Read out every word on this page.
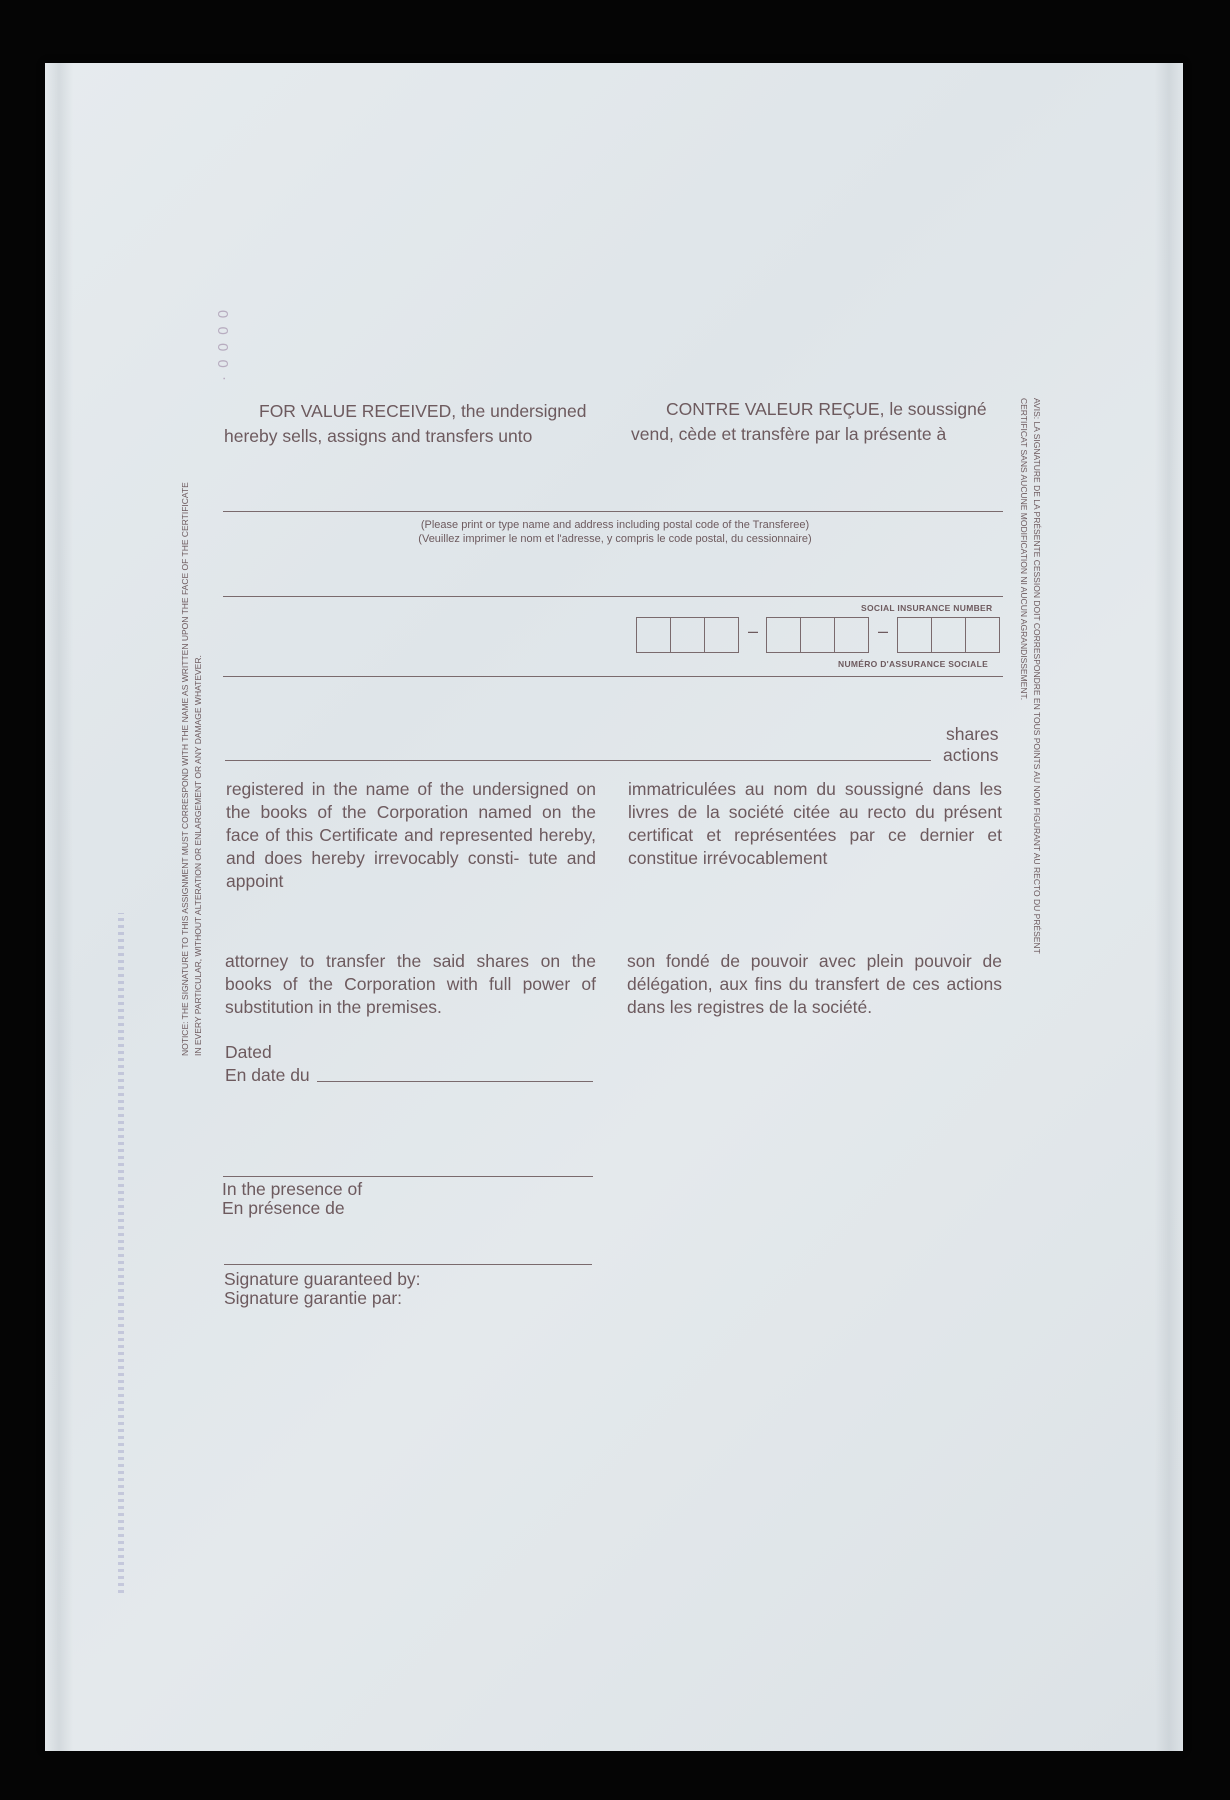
· 0 0 0 0
NOTICE: THE SIGNATURE TO THIS ASSIGNMENT MUST CORRESPOND WITH THE NAME AS WRITTEN UPON THE FACE OF THE CERTIFICATE IN EVERY PARTICULAR, WITHOUT ALTERATION OR ENLARGEMENT OR ANY DAMAGE WHATEVER.	AVIS: LA SIGNATURE DE LA PRÉSENTE CESSION DOIT CORRESPONDRE EN TOUS POINTS AU NOM FIGURANT AU RECTO DU PRÉSENT
CERTIFICAT SANS AUCUNE MODIFICATION NI AUCUN AGRANDISSEMENT.
FOR VALUE RECEIVED, the undersigned
hereby sells, assigns and transfers unto
CONTRE VALEUR REÇUE, le soussigné
vend, cède et transfère par la présente à
(Please print or type name and address including postal code of the Transferee)
(Veuillez imprimer le nom et l'adresse, y compris le code postal, du cessionnaire)
SOCIAL INSURANCE NUMBER
–	–
NUMÉRO D'ASSURANCE SOCIALE
shares
actions
registered in the name of the undersigned on the books of the Corporation named on the face of this Certificate and represented hereby, and does hereby irrevocably consti- tute and appoint
immatriculées au nom du soussigné dans les livres de la société citée au recto du présent certificat et représentées par ce dernier et constitue irrévocablement
attorney to transfer the said shares on the books of the Corporation with full power of substitution in the premises.
son fondé de pouvoir avec plein pouvoir de délégation, aux fins du transfert de ces actions dans les registres de la société.
Dated
En date du
In the presence of
En présence de
Signature guaranteed by:
Signature garantie par:
